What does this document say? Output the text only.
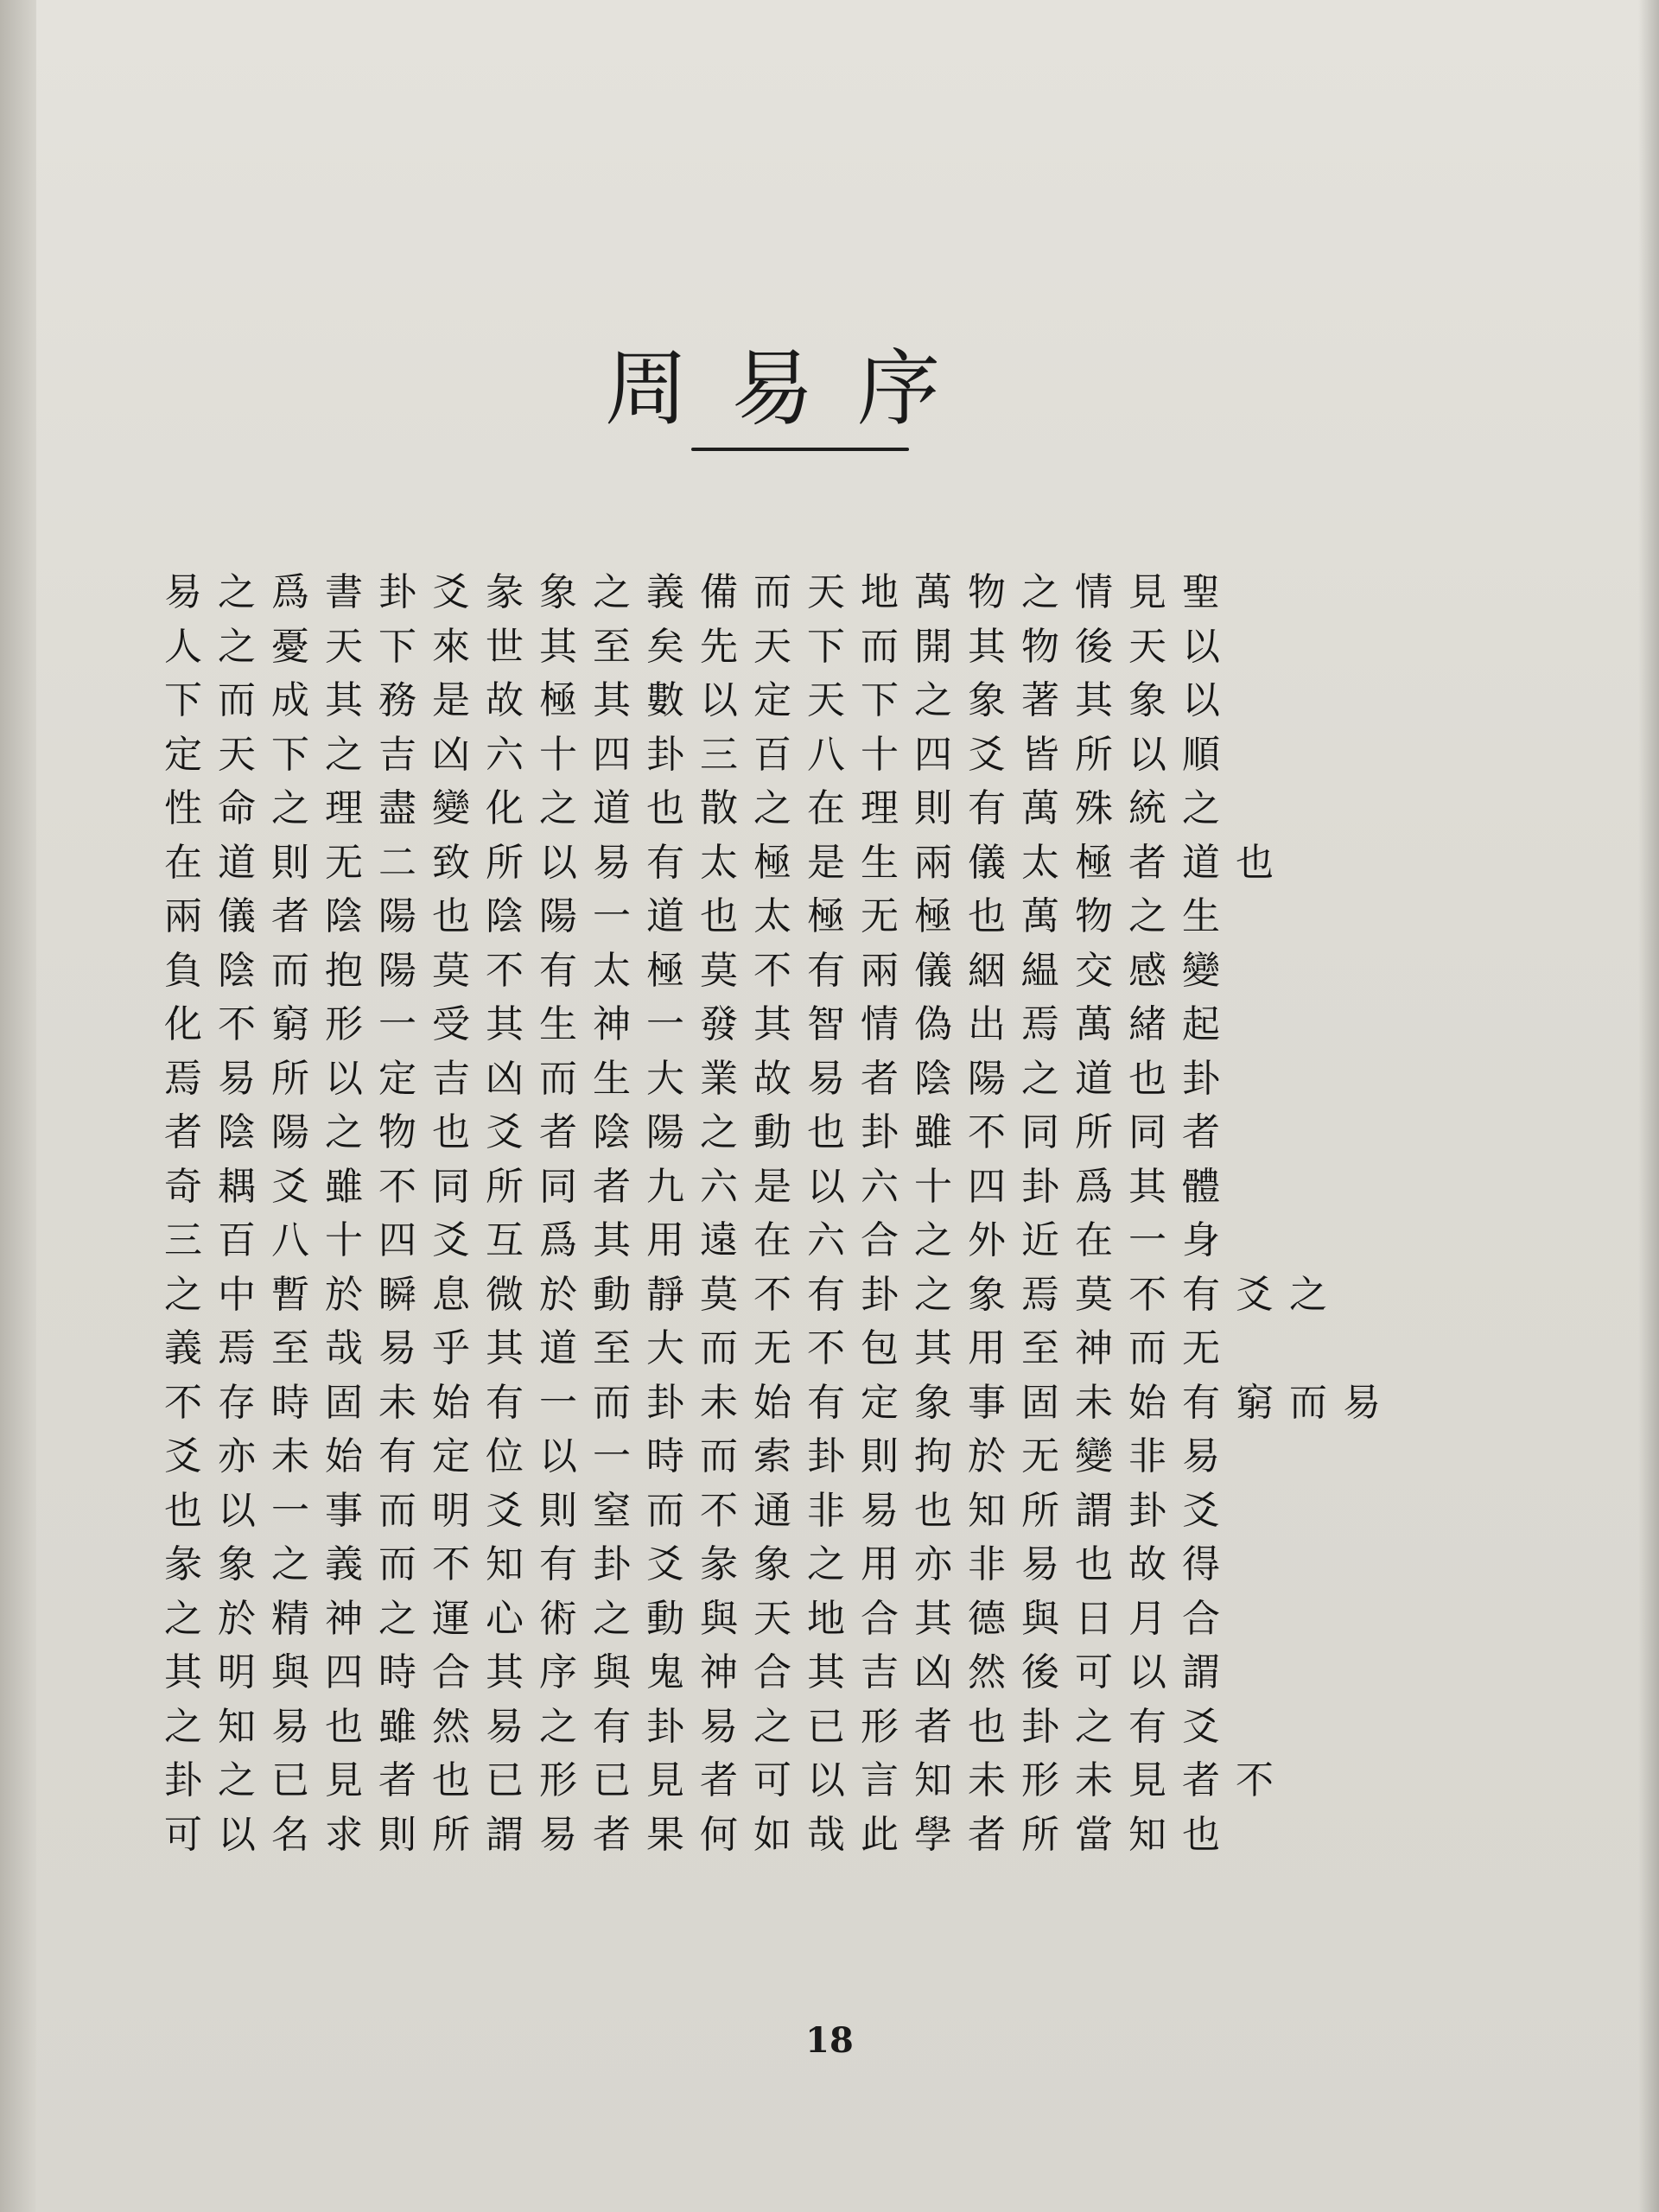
周易序
易之爲書卦爻彖象之義備而天地萬物之情見聖
人之憂天下來世其至矣先天下而開其物後天以
下而成其務是故極其數以定天下之象著其象以
定天下之吉凶六十四卦三百八十四爻皆所以順
性命之理盡變化之道也散之在理則有萬殊統之
在道則无二致所以易有太極是生兩儀太極者道也
兩儀者陰陽也陰陽一道也太極无極也萬物之生
負陰而抱陽莫不有太極莫不有兩儀絪緼交感變
化不窮形一受其生神一發其智情偽出焉萬緒起
焉易所以定吉凶而生大業故易者陰陽之道也卦
者陰陽之物也爻者陰陽之動也卦雖不同所同者
奇耦爻雖不同所同者九六是以六十四卦爲其體
三百八十四爻互爲其用遠在六合之外近在一身
之中暫於瞬息微於動靜莫不有卦之象焉莫不有爻之
義焉至哉易乎其道至大而无不包其用至神而无
不存時固未始有一而卦未始有定象事固未始有窮而易
爻亦未始有定位以一時而索卦則拘於无變非易
也以一事而明爻則窒而不通非易也知所謂卦爻
彖象之義而不知有卦爻彖象之用亦非易也故得
之於精神之運心術之動與天地合其德與日月合
其明與四時合其序與鬼神合其吉凶然後可以謂
之知易也雖然易之有卦易之已形者也卦之有爻
卦之已見者也已形已見者可以言知未形未見者不
可以名求則所謂易者果何如哉此學者所當知也
18
